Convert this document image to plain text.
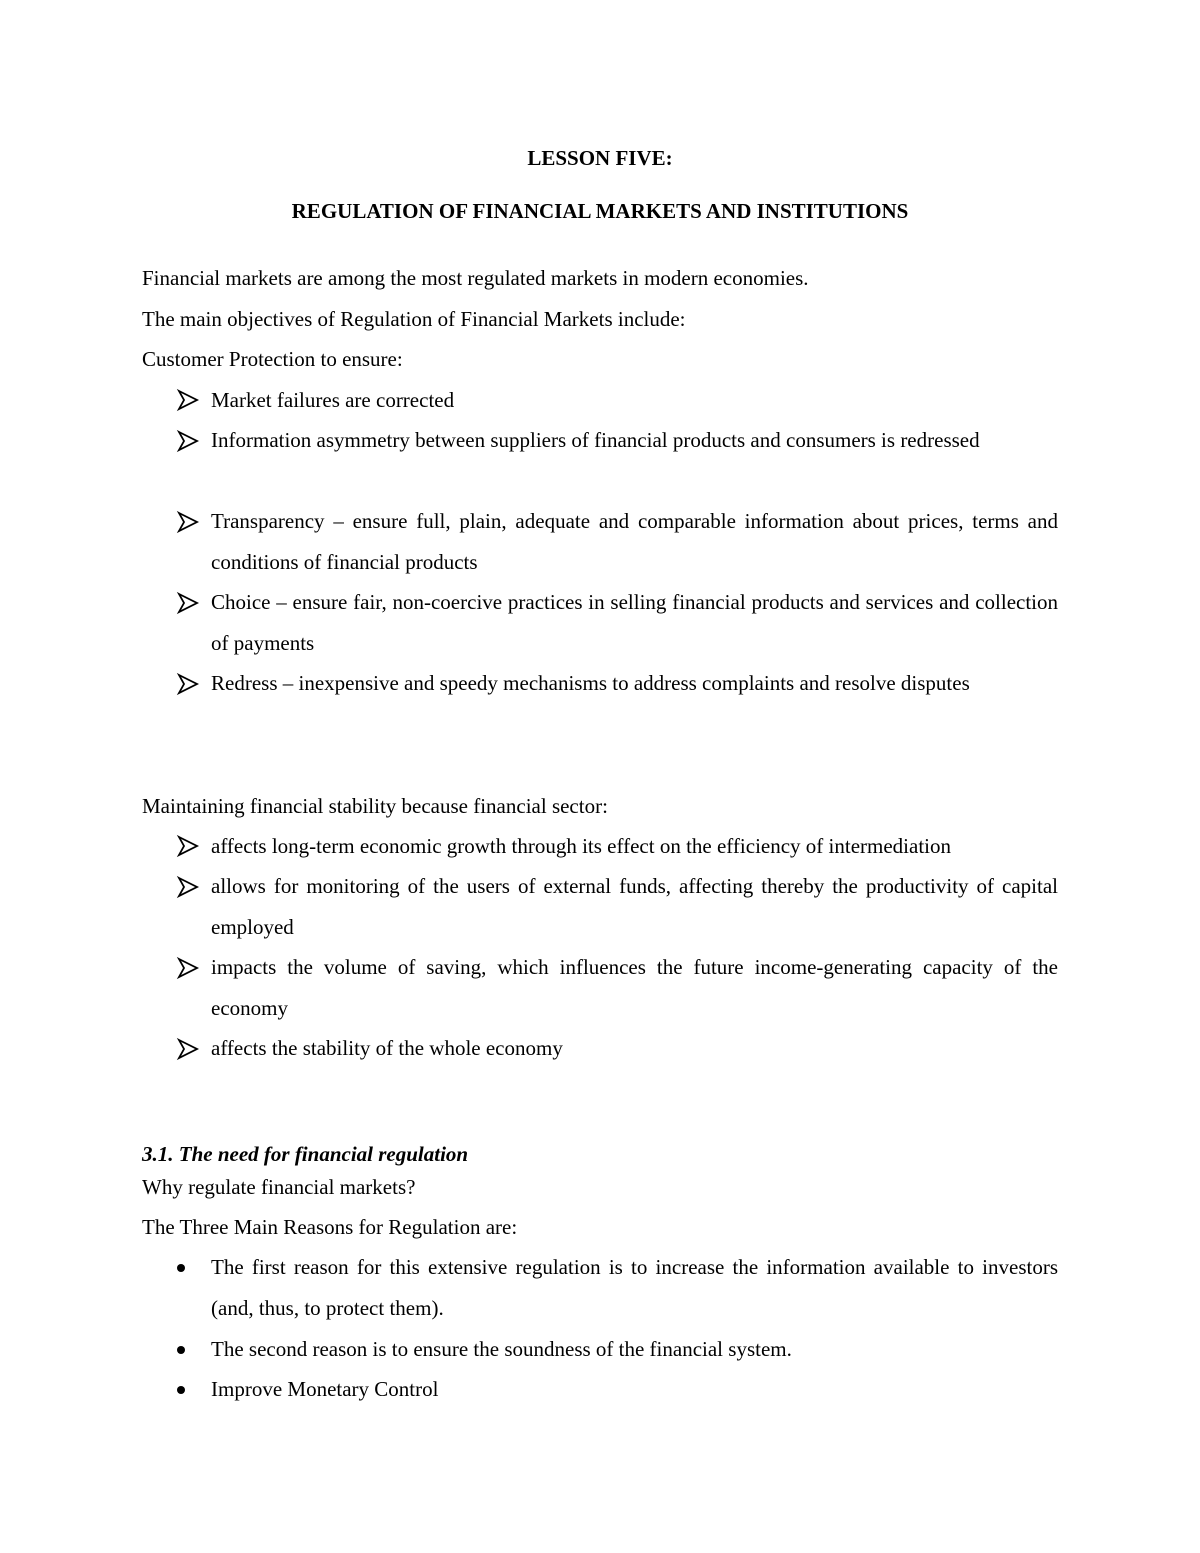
LESSON FIVE:
REGULATION OF FINANCIAL MARKETS AND INSTITUTIONS
Financial markets are among the most regulated markets in modern economies.
The main objectives of Regulation of Financial Markets include:
Customer Protection to ensure:
Market failures are corrected
Information asymmetry between suppliers of financial products and consumers is redressed
Transparency – ensure full, plain, adequate and comparable information about prices, terms and conditions of financial products
Choice – ensure fair, non-coercive practices in selling financial products and services and collection of payments
Redress – inexpensive and speedy mechanisms to address complaints and resolve disputes
Maintaining financial stability because financial sector:
affects long-term economic growth through its effect on the efficiency of intermediation
allows for monitoring of the users of external funds, affecting thereby the productivity of capital employed
impacts the volume of saving, which influences the future income-generating capacity of the economy
affects the stability of the whole economy
3.1. The need for financial regulation
Why regulate financial markets?
The Three Main Reasons for Regulation are:
The first reason for this extensive regulation is to increase the information available to investors (and, thus, to protect them).
The second reason is to ensure the soundness of the financial system.
Improve Monetary Control
